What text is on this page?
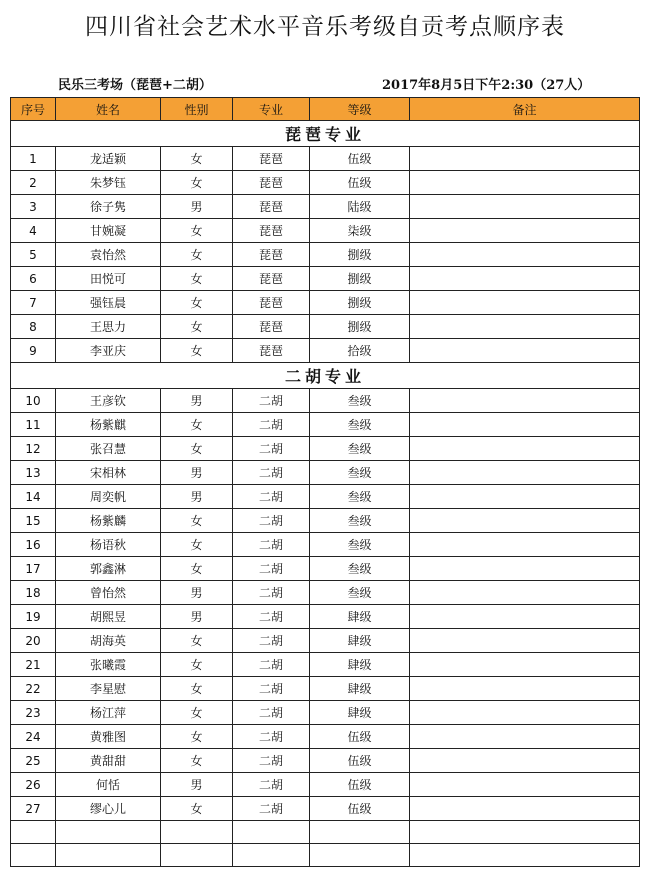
四川省社会艺术水平音乐考级自贡考点顺序表
民乐三考场（琵琶+二胡）	2017年8月5日下午2:30（27人）
序号	姓名	性别	专业	等级	备注
琵琶专业					
1	龙适颖	女	琵琶	伍级	
2	朱梦钰	女	琵琶	伍级	
3	徐子隽	男	琵琶	陆级	
4	甘婉凝	女	琵琶	柒级	
5	袁怡然	女	琵琶	捌级	
6	田悦可	女	琵琶	捌级	
7	强钰晨	女	琵琶	捌级	
8	王思力	女	琵琶	捌级	
9	李亚庆	女	琵琶	拾级	
二胡专业					
10	王彦钦	男	二胡	叁级	
11	杨紫麒	女	二胡	叁级	
12	张召慧	女	二胡	叁级	
13	宋相林	男	二胡	叁级	
14	周奕帆	男	二胡	叁级	
15	杨紫麟	女	二胡	叁级	
16	杨语秋	女	二胡	叁级	
17	郭鑫淋	女	二胡	叁级	
18	曾怡然	男	二胡	叁级	
19	胡熙昱	男	二胡	肆级	
20	胡海英	女	二胡	肆级	
21	张曦霞	女	二胡	肆级	
22	李星慰	女	二胡	肆级	
23	杨江萍	女	二胡	肆级	
24	黄雅图	女	二胡	伍级	
25	黄甜甜	女	二胡	伍级	
26	何恬	男	二胡	伍级	
27	缪心儿	女	二胡	伍级	
